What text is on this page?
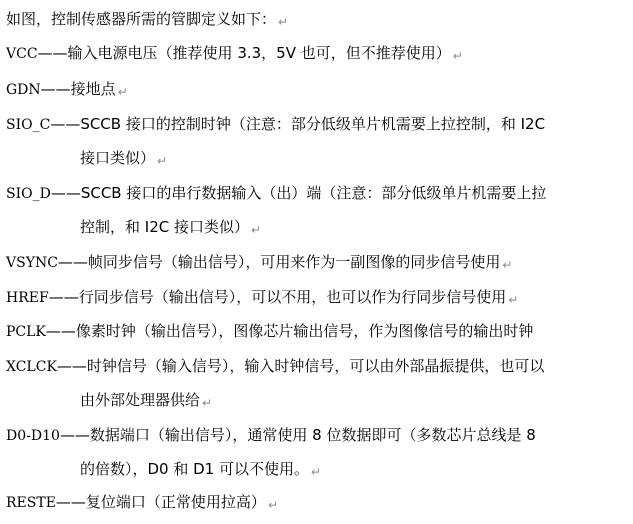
如图，控制传感器所需的管脚定义如下： ↵
VCC——输入电源电压（推荐使用 3.3，5V 也可，但不推荐使用） ↵
GDN——接地点 ↵
SIO_C——SCCB 接口的控制时钟（注意：部分低级单片机需要上拉控制，和 I2C
接口类似） ↵
SIO_D——SCCB 接口的串行数据输入（出）端（注意：部分低级单片机需要上拉
控制，和 I2C 接口类似） ↵
VSYNC——帧同步信号（输出信号），可用来作为一副图像的同步信号使用 ↵
HREF——行同步信号（输出信号），可以不用，也可以作为行同步信号使用 ↵
PCLK——像素时钟（输出信号），图像芯片输出信号，作为图像信号的输出时钟
XCLCK——时钟信号（输入信号），输入时钟信号，可以由外部晶振提供，也可以
由外部处理器供给 ↵
D0-D10——数据端口（输出信号），通常使用 8 位数据即可（多数芯片总线是 8
的倍数），D0 和 D1 可以不使用。 ↵
RESTE——复位端口（正常使用拉高） ↵
